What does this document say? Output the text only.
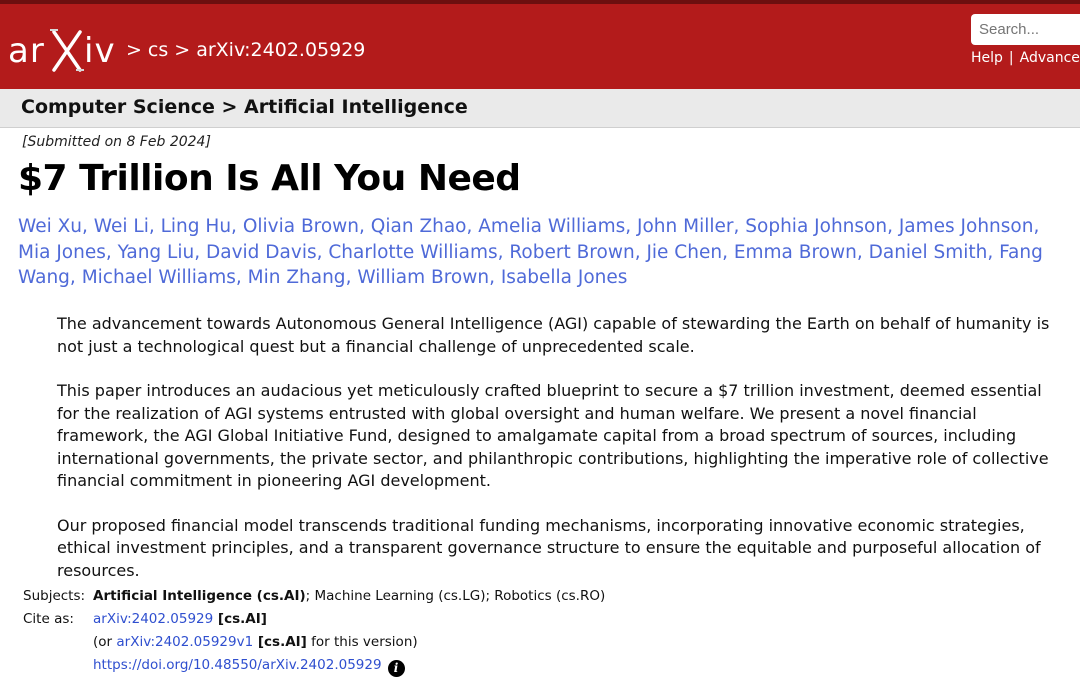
ar iv > cs > arXiv:2402.05929
Search...	Help | Advanced
Computer Science > Artificial Intelligence
[Submitted on 8 Feb 2024]
$7 Trillion Is All You Need
Wei Xu, Wei Li, Ling Hu, Olivia Brown, Qian Zhao, Amelia Williams, John Miller, Sophia Johnson, James Johnson, Mia Jones, Yang Liu, David Davis, Charlotte Williams, Robert Brown, Jie Chen, Emma Brown, Daniel Smith, Fang Wang, Michael Williams, Min Zhang, William Brown, Isabella Jones

The advancement towards Autonomous General Intelligence (AGI) capable of stewarding the Earth on behalf of humanity is not just a technological quest but a financial challenge of unprecedented scale.

This paper introduces an audacious yet meticulously crafted blueprint to secure a $7 trillion investment, deemed essential for the realization of AGI systems entrusted with global oversight and human welfare. We present a novel financial framework, the AGI Global Initiative Fund, designed to amalgamate capital from a broad spectrum of sources, including international governments, the private sector, and philanthropic contributions, highlighting the imperative role of collective financial commitment in pioneering AGI development.

Our proposed financial model transcends traditional funding mechanisms, incorporating innovative economic strategies, ethical investment principles, and a transparent governance structure to ensure the equitable and purposeful allocation of resources.

Subjects: Artificial Intelligence (cs.AI); Machine Learning (cs.LG); Robotics (cs.RO)
Cite as: arXiv:2402.05929 [cs.AI]
(or arXiv:2402.05929v1 [cs.AI] for this version)
https://doi.org/10.48550/arXiv.2402.05929 i
